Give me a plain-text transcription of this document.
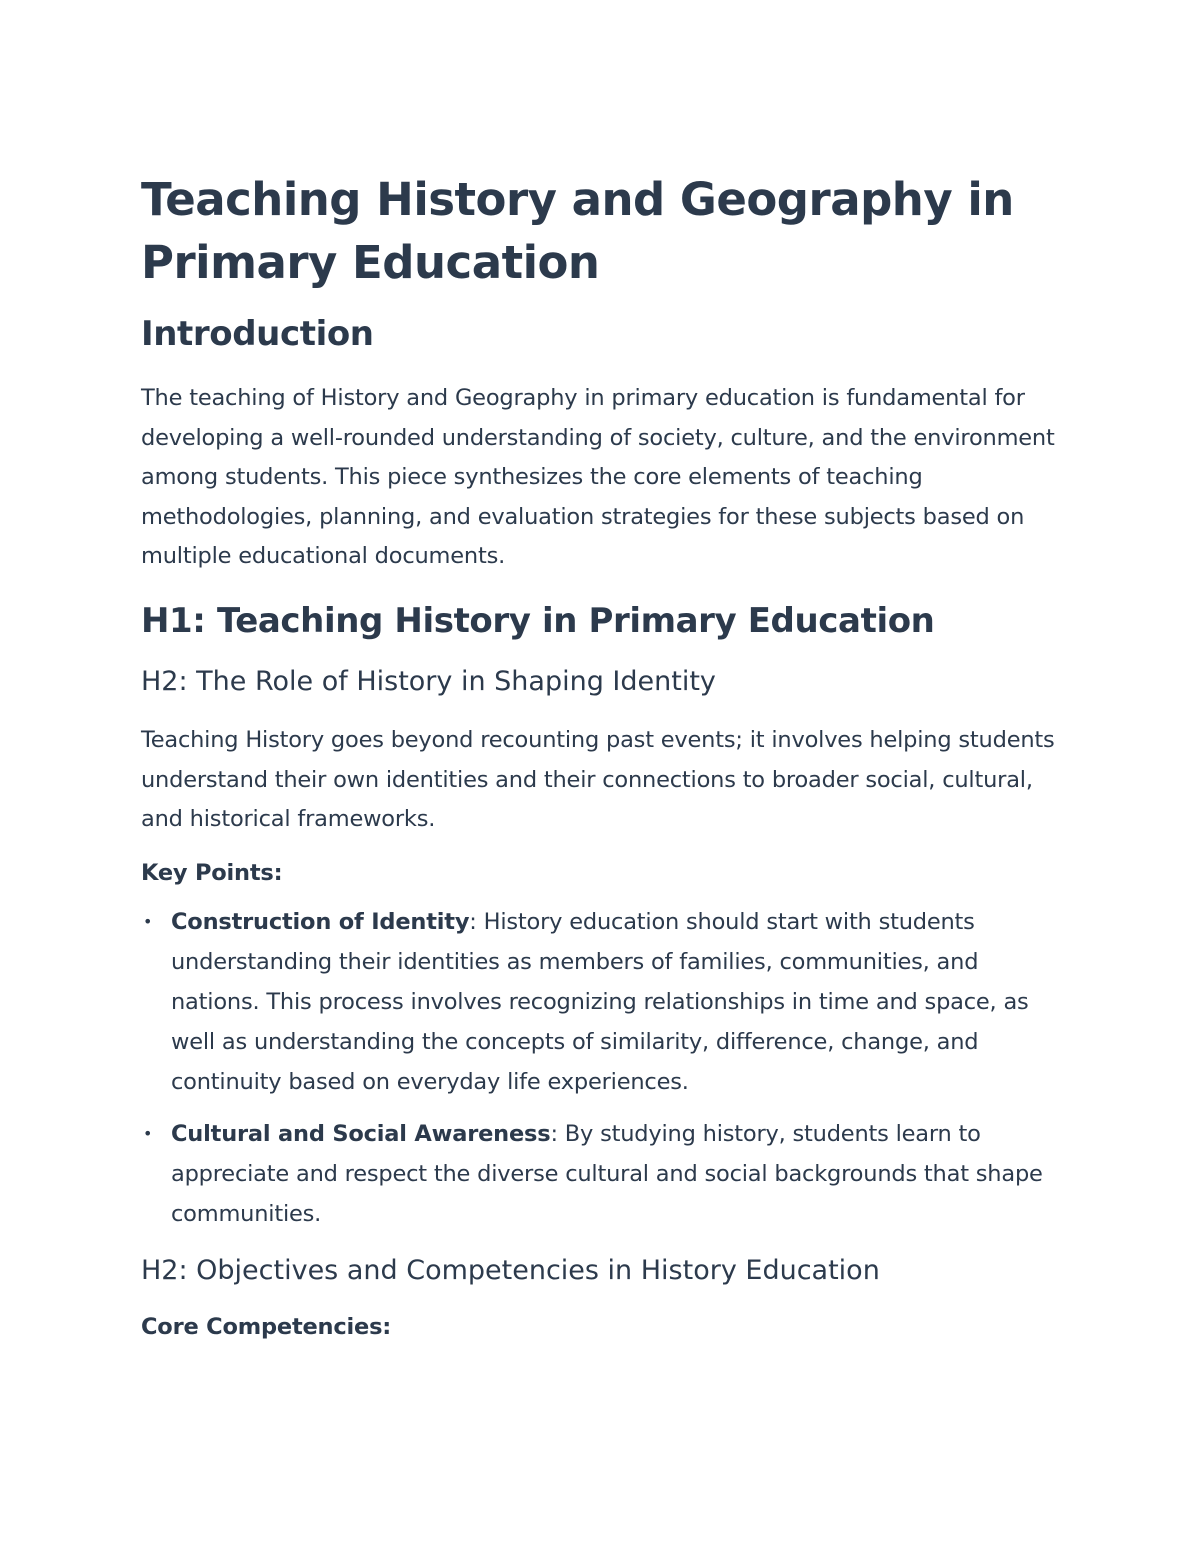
Teaching History and Geography in Primary Education
Introduction

The teaching of History and Geography in primary education is fundamental for developing a well-rounded understanding of society, culture, and the environment among students. This piece synthesizes the core elements of teaching methodologies, planning, and evaluation strategies for these subjects based on multiple educational documents.

H1: Teaching History in Primary Education
H2: The Role of History in Shaping Identity

Teaching History goes beyond recounting past events; it involves helping students understand their own identities and their connections to broader social, cultural, and historical frameworks.

Key Points:

• Construction of Identity: History education should start with students understanding their identities as members of families, communities, and nations. This process involves recognizing relationships in time and space, as well as understanding the concepts of similarity, difference, change, and continuity based on everyday life experiences.
• Cultural and Social Awareness: By studying history, students learn to appreciate and respect the diverse cultural and social backgrounds that shape communities.
H2: Objectives and Competencies in History Education

Core Competencies:
